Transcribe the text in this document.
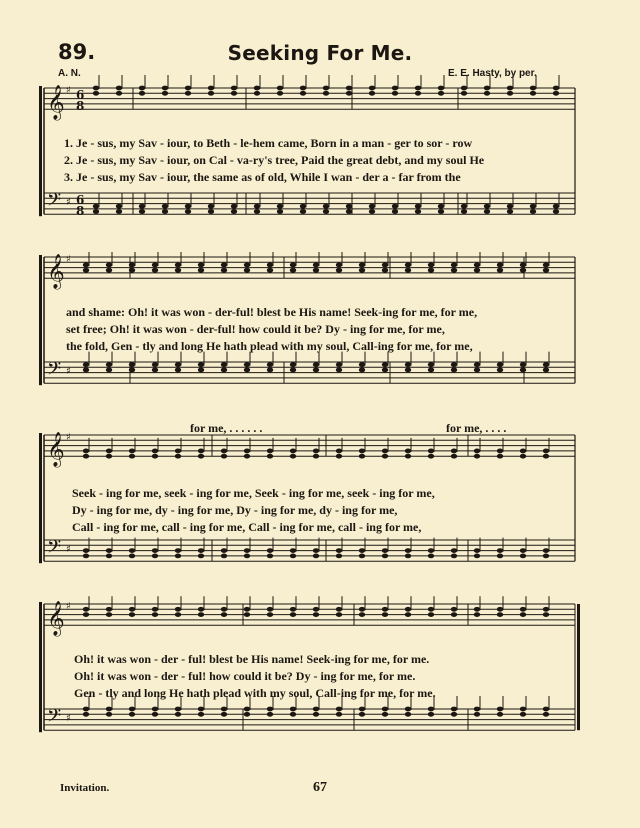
89.	Seeking For Me.
A. N.	E. E. Hasty, by per.
𝄞 ♯ 6
8
𝄢 ♯ 6
8
𝄞 ♯
𝄢 ♯
𝄞 ♯
𝄢 ♯
𝄞 ♯
𝄢 ♯
1. Je - sus, my Sav - iour, to Beth - le-hem came, Born in a man - ger to sor - row
2. Je - sus, my Sav - iour, on Cal - va-ry's tree, Paid the great debt, and my soul He
3. Je - sus, my Sav - iour, the same as of old, While I wan - der a - far from the
and shame: Oh! it was won - der-ful! blest be His name! Seek-ing for me, for me,
set free; Oh! it was won - der-ful! how could it be? Dy - ing for me, for me,
the fold, Gen - tly and long He hath plead with my soul, Call-ing for me, for me,
for me, . . . . . .	for me, . . . .
Seek - ing for me, seek - ing for me, Seek - ing for me, seek - ing for me,
Dy - ing for me, dy - ing for me, Dy - ing for me, dy - ing for me,
Call - ing for me, call - ing for me, Call - ing for me, call - ing for me,
Oh! it was won - der - ful! blest be His name! Seek-ing for me, for me.
Oh! it was won - der - ful! how could it be? Dy - ing for me, for me.
Gen - tly and long He hath plead with my soul, Call-ing for me, for me.
Invitation.	67
